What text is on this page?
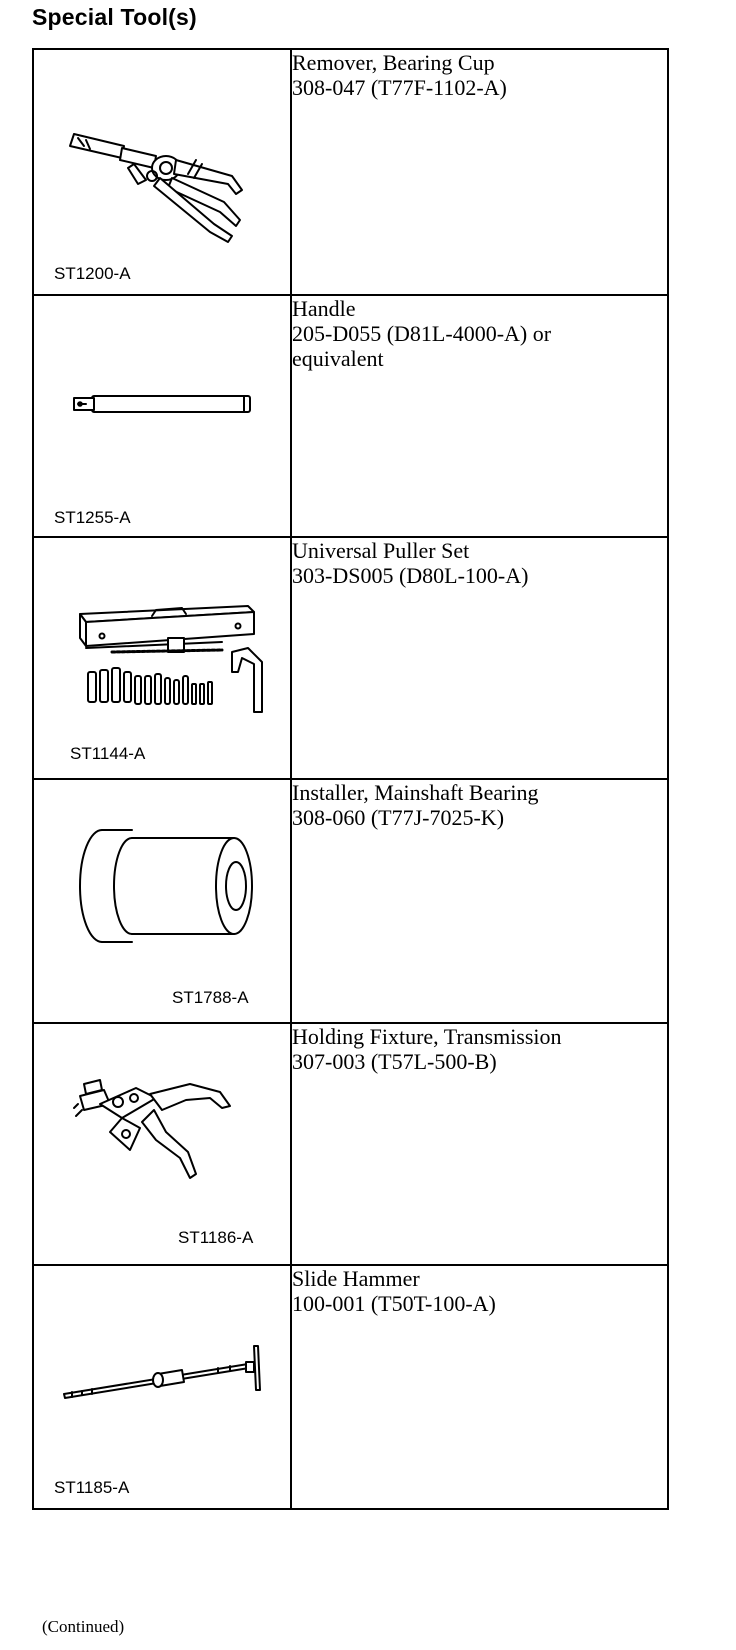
Special Tool(s)
ST1200-A	Remover, Bearing Cup
308-047 (T77F-1102-A)

ST1255-A	Handle
205-D055 (D81L-4000-A) or
equivalent

ST1144-A	Universal Puller Set
303-DS005 (D80L-100-A)

ST1788-A	Installer, Mainshaft Bearing
308-060 (T77J-7025-K)

ST1186-A	Holding Fixture, Transmission
307-003 (T57L-500-B)

ST1185-A	Slide Hammer
100-001 (T50T-100-A)
(Continued)
